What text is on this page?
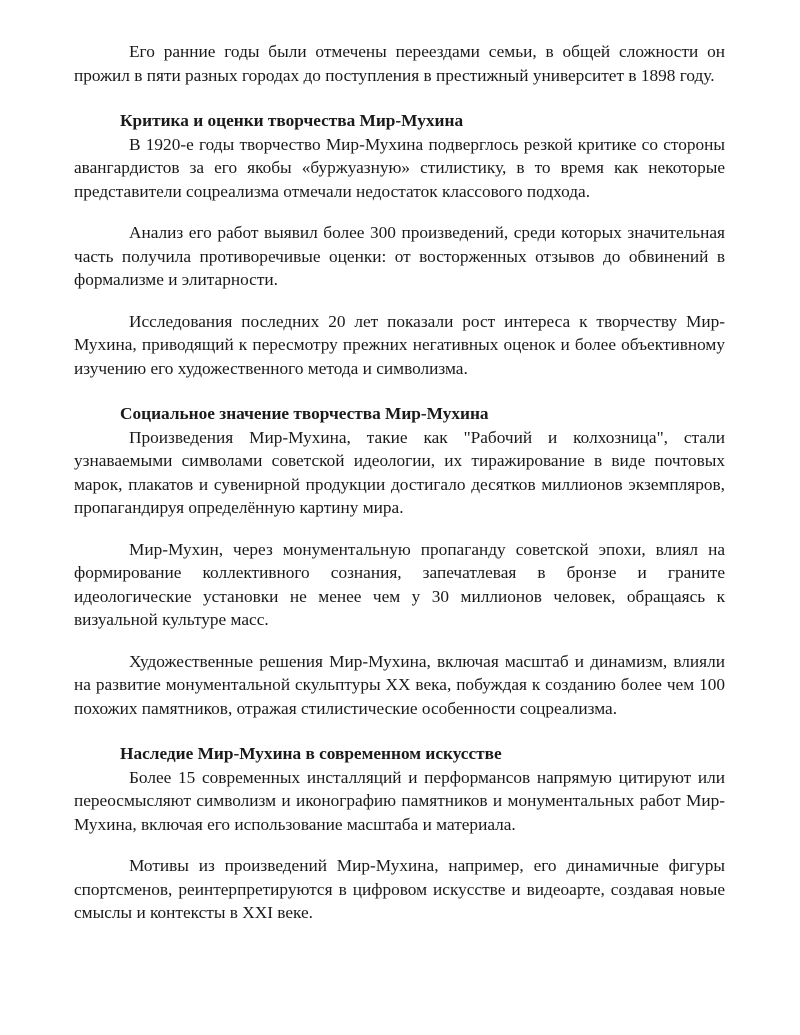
Его ранние годы были отмечены переездами семьи, в общей сложности он прожил в пяти разных городах до поступления в престижный университет в 1898 году.

Критика и оценки творчества Мир-Мухина

В 1920-е годы творчество Мир-Мухина подверглось резкой критике со стороны авангардистов за его якобы «буржуазную» стилистику, в то время как некоторые представители соцреализма отмечали недостаток классового подхода.

Анализ его работ выявил более 300 произведений, среди которых значительная часть получила противоречивые оценки: от восторженных отзывов до обвинений в формализме и элитарности.

Исследования последних 20 лет показали рост интереса к творчеству Мир-Мухина, приводящий к пересмотру прежних негативных оценок и более объективному изучению его художественного метода и символизма.

Социальное значение творчества Мир-Мухина

Произведения Мир-Мухина, такие как "Рабочий и колхозница", стали узнаваемыми символами советской идеологии, их тиражирование в виде почтовых марок, плакатов и сувенирной продукции достигало десятков миллионов экземпляров, пропагандируя определённую картину мира.

Мир-Мухин, через монументальную пропаганду советской эпохи, влиял на формирование коллективного сознания, запечатлевая в бронзе и граните идеологические установки не менее чем у 30 миллионов человек, обращаясь к визуальной культуре масс.

Художественные решения Мир-Мухина, включая масштаб и динамизм, влияли на развитие монументальной скульптуры XX века, побуждая к созданию более чем 100 похожих памятников, отражая стилистические особенности соцреализма.

Наследие Мир-Мухина в современном искусстве

Более 15 современных инсталляций и перформансов напрямую цитируют или переосмысляют символизм и иконографию памятников и монументальных работ Мир-Мухина, включая его использование масштаба и материала.

Мотивы из произведений Мир-Мухина, например, его динамичные фигуры спортсменов, реинтерпретируются в цифровом искусстве и видеоарте, создавая новые смыслы и контексты в XXI веке.
